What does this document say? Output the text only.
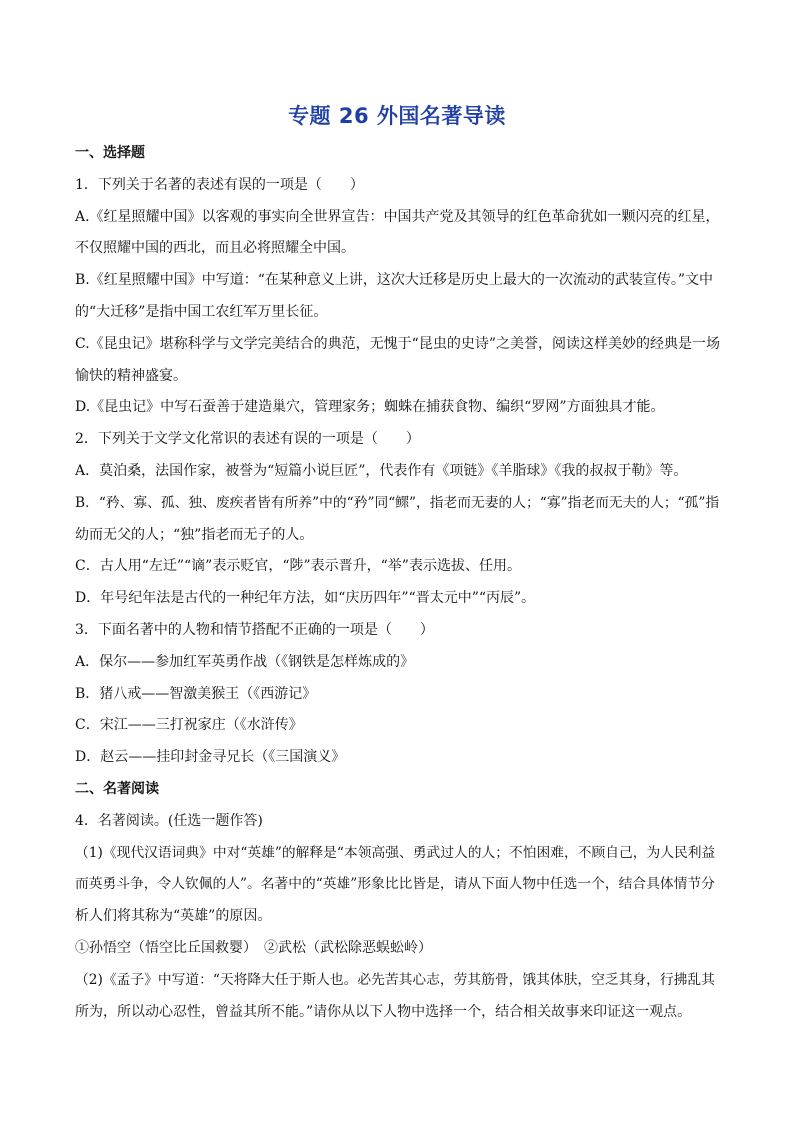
专题 26 外国名著导读
一、选择题
1．下列关于名著的表述有误的一项是（　　）
A.《红星照耀中国》以客观的事实向全世界宣告：中国共产党及其领导的红色革命犹如一颗闪亮的红星，
不仅照耀中国的西北，而且必将照耀全中国。
B.《红星照耀中国》中写道：“在某种意义上讲，这次大迁移是历史上最大的一次流动的武装宣传。”文中
的“大迁移”是指中国工农红军万里长征。
C.《昆虫记》堪称科学与文学完美结合的典范，无愧于“昆虫的史诗”之美誉，阅读这样美妙的经典是一场
愉快的精神盛宴。
D.《昆虫记》中写石蚕善于建造巢穴，管理家务；蜘蛛在捕获食物、编织“罗网”方面独具才能。
2．下列关于文学文化常识的表述有误的一项是（　　）
A．莫泊桑，法国作家，被誉为“短篇小说巨匠”，代表作有《项链》《羊脂球》《我的叔叔于勒》等。
B．“矜、寡、孤、独、废疾者皆有所养”中的“矜”同“鳏”，指老而无妻的人；“寡”指老而无夫的人；“孤”指
幼而无父的人；“独”指老而无子的人。
C．古人用“左迁”“谪”表示贬官，“陟”表示晋升，“举”表示选拔、任用。
D．年号纪年法是古代的一种纪年方法，如“庆历四年”“晋太元中”“丙辰”。
3．下面名著中的人物和情节搭配不正确的一项是（　　）
A．保尔——参加红军英勇作战（《钢铁是怎样炼成的》
B．猪八戒——智激美猴王（《西游记》
C．宋江——三打祝家庄（《水浒传》
D．赵云——挂印封金寻兄长（《三国演义》
二、名著阅读
4．名著阅读。(任选一题作答)
（1)《现代汉语词典》中对“英雄”的解释是“本领高强、勇武过人的人；不怕困难，不顾自己，为人民利益
而英勇斗争，令人钦佩的人”。名著中的“英雄”形象比比皆是，请从下面人物中任选一个，结合具体情节分
析人们将其称为“英雄”的原因。
①孙悟空（悟空比丘国救婴）　②武松（武松除恶蜈蚣岭）
（2)《孟子》中写道：“天将降大任于斯人也。必先苦其心志，劳其筋骨，饿其体肤，空乏其身，行拂乱其
所为，所以动心忍性，曾益其所不能。”请你从以下人物中选择一个，结合相关故事来印证这一观点。
